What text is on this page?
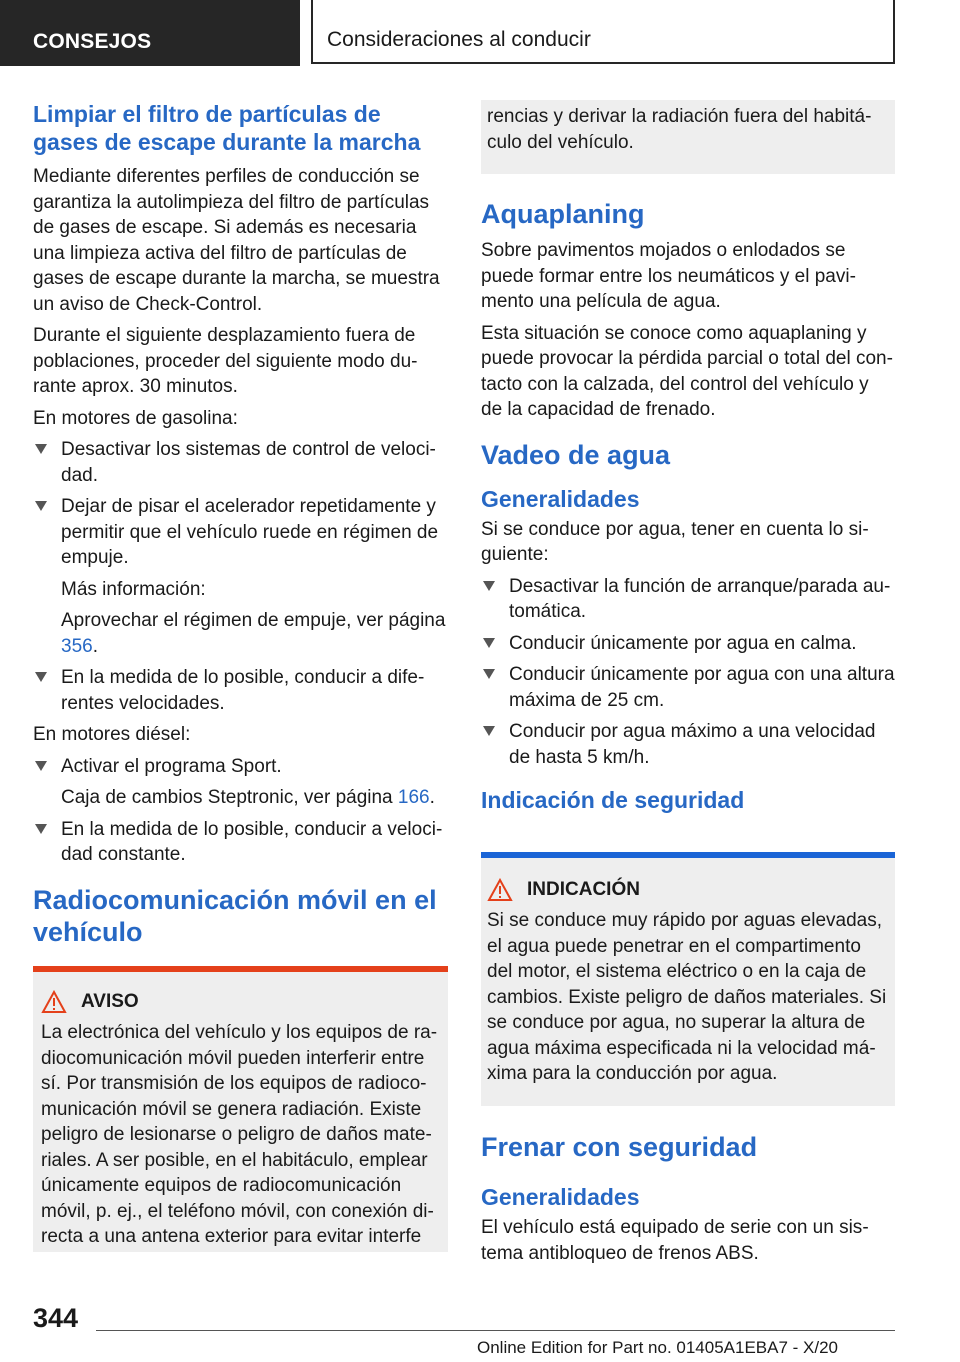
CONSEJOS	Consideraciones al conducir
Limpiar el filtro de partículas de gases de escape durante la marcha

Mediante diferentes perfiles de conducción se garantiza la autolimpieza del filtro de partículas de gases de escape. Si además es necesaria una limpieza activa del filtro de partículas de gases de escape durante la marcha, se muestra un aviso de Check-Control.

Durante el siguiente desplazamiento fuera de poblaciones, proceder del siguiente modo durante aprox. 30 minutos.

En motores de gasolina:

Desactivar los sistemas de control de velocidad.

Dejar de pisar el acelerador repetidamente y permitir que el vehículo ruede en régimen de empuje.

Más información:

Aprovechar el régimen de empuje, ver página 356.

En la medida de lo posible, conducir a diferentes velocidades.

En motores diésel:

Activar el programa Sport.

Caja de cambios Steptronic, ver página 166.

En la medida de lo posible, conducir a velocidad constante.

Radiocomunicación móvil en el vehículo
AVISO

La electrónica del vehículo y los equipos de radiocomunicación móvil pueden interferir entre sí. Por transmisión de los equipos de radiocomunicación móvil se genera radiación. Existe peligro de lesionarse o peligro de daños materiales. A ser posible, en el habitáculo, emplear únicamente equipos de radiocomunicación móvil, p. ej., el teléfono móvil, con conexión directa a una antena exterior para evitar interfe

rencias y derivar la radiación fuera del habitáculo del vehículo.

Aquaplaning

Sobre pavimentos mojados o enlodados se puede formar entre los neumáticos y el pavimento una película de agua.

Esta situación se conoce como aquaplaning y puede provocar la pérdida parcial o total del contacto con la calzada, del control del vehículo y de la capacidad de frenado.

Vadeo de agua
Generalidades

Si se conduce por agua, tener en cuenta lo siguiente:

Desactivar la función de arranque/parada automática.

Conducir únicamente por agua en calma.

Conducir únicamente por agua con una altura máxima de 25 cm.

Conducir por agua máximo a una velocidad de hasta 5 km/h.

Indicación de seguridad
INDICACIÓN

Si se conduce muy rápido por aguas elevadas, el agua puede penetrar en el compartimento del motor, el sistema eléctrico o en la caja de cambios. Existe peligro de daños materiales. Si se conduce por agua, no superar la altura de agua máxima especificada ni la velocidad máxima para la conducción por agua.

Frenar con seguridad
Generalidades

El vehículo está equipado de serie con un sistema antibloqueo de frenos ABS.

344
Online Edition for Part no. 01405A1EBA7 - X/20
